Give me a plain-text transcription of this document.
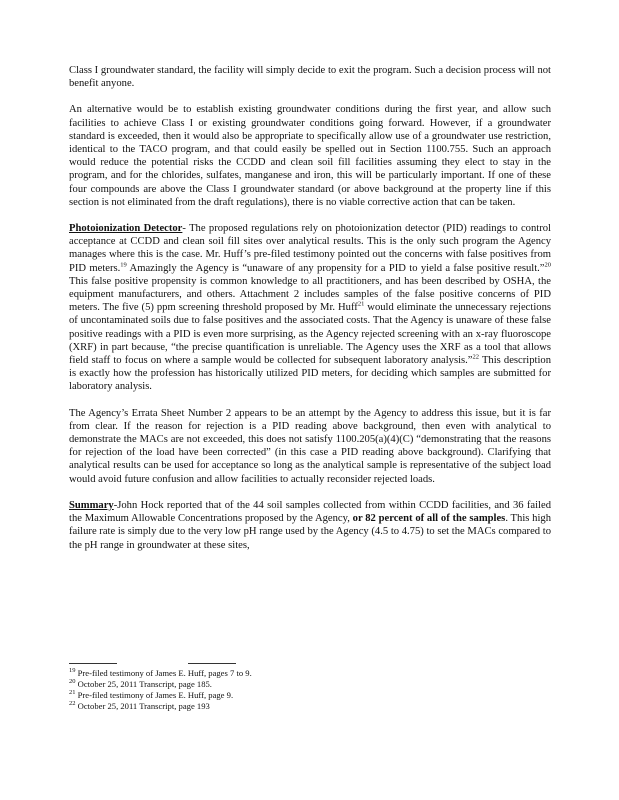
Class I groundwater standard, the facility will simply decide to exit the program. Such a decision process will not benefit anyone.

An alternative would be to establish existing groundwater conditions during the first year, and allow such facilities to achieve Class I or existing groundwater conditions going forward. However, if a groundwater standard is exceeded, then it would also be appropriate to specifically allow use of a groundwater use restriction, identical to the TACO program, and that could easily be spelled out in Section 1100.755. Such an approach would reduce the potential risks the CCDD and clean soil fill facilities assuming they elect to stay in the program, and for the chlorides, sulfates, manganese and iron, this will be particularly important. If one of these four compounds are above the Class I groundwater standard (or above background at the property line if this section is not eliminated from the draft regulations), there is no viable corrective action that can be taken.

Photoionization Detector- The proposed regulations rely on photoionization detector (PID) readings to control acceptance at CCDD and clean soil fill sites over analytical results. This is the only such program the Agency manages where this is the case. Mr. Huff’s pre-filed testimony pointed out the concerns with false positives from PID meters.$^{19}$ Amazingly the Agency is “unaware of any propensity for a PID to yield a false positive result.”$^{20}$ This false positive propensity is common knowledge to all practitioners, and has been described by OSHA, the equipment manufacturers, and others. Attachment 2 includes samples of the false positive concerns of PID meters. The five (5) ppm screening threshold proposed by Mr. Huff$^{21}$ would eliminate the unnecessary rejections of uncontaminated soils due to false positives and the associated costs. That the Agency is unaware of these false positive readings with a PID is even more surprising, as the Agency rejected screening with an x-ray fluoroscope (XRF) in part because, “the precise quantification is unreliable. The Agency uses the XRF as a tool that allows field staff to focus on where a sample would be collected for subsequent laboratory analysis.”$^{22}$ This description is exactly how the profession has historically utilized PID meters, for deciding which samples are submitted for laboratory analysis.

The Agency’s Errata Sheet Number 2 appears to be an attempt by the Agency to address this issue, but it is far from clear. If the reason for rejection is a PID reading above background, then even with analytical to demonstrate the MACs are not exceeded, this does not satisfy 1100.205(a)(4)(C) “demonstrating that the reasons for rejection of the load have been corrected” (in this case a PID reading above background). Clarifying that analytical results can be used for acceptance so long as the analytical sample is representative of the subject load would avoid future confusion and allow facilities to actually reconsider rejected loads.

Summary-John Hock reported that of the 44 soil samples collected from within CCDD facilities, and 36 failed the Maximum Allowable Concentrations proposed by the Agency, or 82 percent of all of the samples. This high failure rate is simply due to the very low pH range used by the Agency (4.5 to 4.75) to set the MACs compared to the pH range in groundwater at these sites,

$^{19}$ Pre-filed testimony of James E. Huff, pages 7 to 9.

$^{20}$ October 25, 2011 Transcript, page 185.

$^{21}$ Pre-filed testimony of James E. Huff, page 9.

$^{22}$ October 25, 2011 Transcript, page 193
